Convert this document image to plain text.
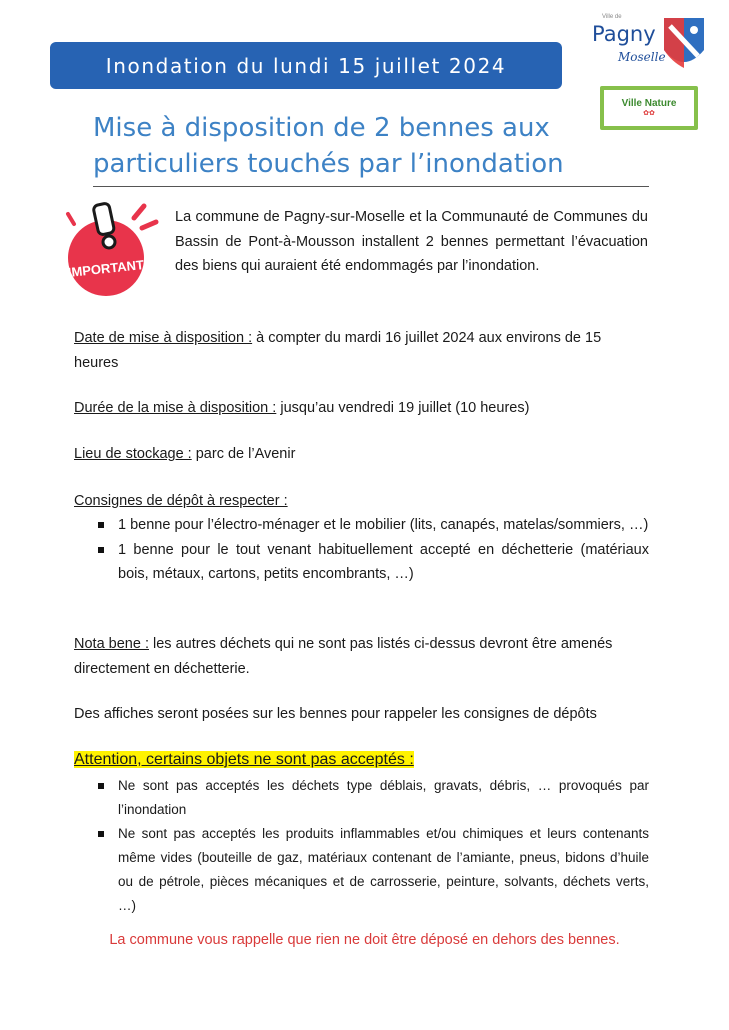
Inondation du lundi 15 juillet 2024
Ville de
Pagny
Moselle
Ville Nature
✿✿
Mise à disposition de 2 bennes aux
particuliers touchés par l’inondation
IMPORTANT
La commune de Pagny-sur-Moselle et la Communauté de Communes du Bassin de Pont-à-Mousson installent 2 bennes permettant l’évacuation des biens qui auraient été endommagés par l’inondation.
Date de mise à disposition : à compter du mardi 16 juillet 2024 aux environs de 15 heures
Durée de la mise à disposition : jusqu’au vendredi 19 juillet (10 heures)
Lieu de stockage : parc de l’Avenir
Consignes de dépôt à respecter :
1 benne pour l’électro-ménager et le mobilier (lits, canapés, matelas/sommiers, …)
1 benne pour le tout venant habituellement accepté en déchetterie (matériaux bois, métaux, cartons, petits encombrants, …)
Nota bene : les autres déchets qui ne sont pas listés ci-dessus devront être amenés directement en déchetterie.
Des affiches seront posées sur les bennes pour rappeler les consignes de dépôts
Attention, certains objets ne sont pas acceptés :
Ne sont pas acceptés les déchets type déblais, gravats, débris, … provoqués par l’inondation
Ne sont pas acceptés les produits inflammables et/ou chimiques et leurs contenants même vides (bouteille de gaz, matériaux contenant de l’amiante, pneus, bidons d’huile ou de pétrole, pièces mécaniques et de carrosserie, peinture, solvants, déchets verts, …)
La commune vous rappelle que rien ne doit être déposé en dehors des bennes.
